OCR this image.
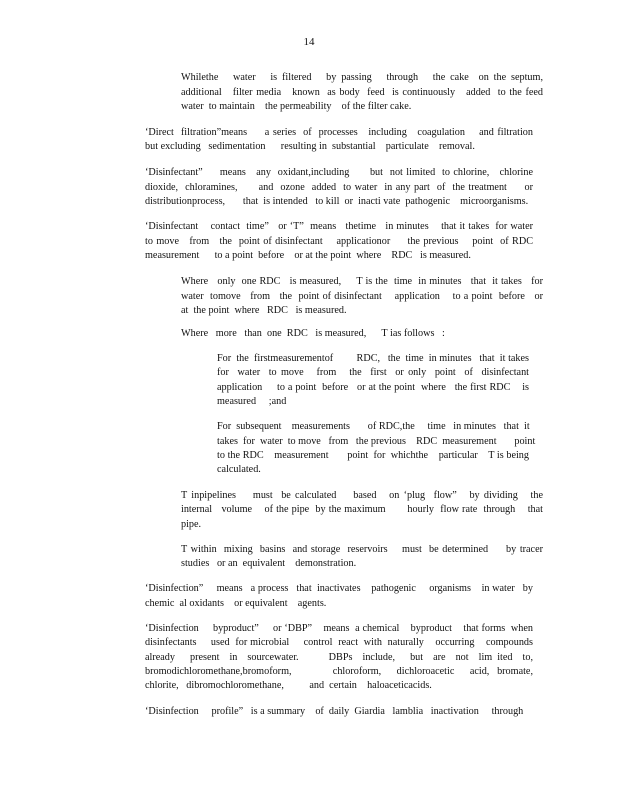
14
Whilethe   water   is filtered   by passing   through   the cake  on the septum,
additional   filter media   known  as body  feed  is continuously   added  to the feed
water  to maintain    the permeability    of the filter cake.
‘Direct  filtration”means     a series  of  processes   including   coagulation    and filtration
but excluding   sedimentation      resulting in  substantial    particulate    removal.
‘Disinfectant”     means   any  oxidant,including      but  not limited  to chlorine,   chlorine
dioxide,  chloramines,      and  ozone  added  to water  in any part  of  the treatment     or
distributionprocess,       that  is intended   to kill  or  inacti vate  pathogenic    microorganisms.
‘Disinfectant    contact  time”   or ‘T”  means   thetime   in minutes    that it takes  for water
to move   from   the  point of disinfectant    applicationor     the previous    point  of RDC
measurement      to a point  before    or at the point  where    RDC   is measured.
Where   only  one RDC   is measured,     T is the  time  in minutes   that  it takes   for
water  tomove   from   the  point of disinfectant    application    to a point  before   or
at  the point  where   RDC   is measured.
Where   more   than  one  RDC   is measured,      T ias follows   :
For  the  firstmeasurementof         RDC,   the  time  in minutes   that  it takes
for  water  to move   from   the  first  or only  point  of  disinfectant
application     to a point  before   or at the point  where   the first RDC    is
measured     ;and
For  subsequent    measurements       of RDC,the     time   in minutes   that  it
takes  for  water  to move   from   the previous    RDC  measurement       point
to the RDC    measurement       point  for  whichthe    particular    T is being
calculated.
T inpipelines    must  be calculated    based   on ‘plug  flow”   by dividing   the
internal   volume    of the pipe  by the maximum       hourly  flow rate  through    that
pipe.
T within  mixing  basins  and storage  reservoirs    must  be determined     by tracer
studies   or an  equivalent    demonstration.
‘Disinfection”     means   a process   that  inactivates    pathogenic     organisms    in water   by
chemic  al oxidants    or equivalent    agents.
‘Disinfection     byproduct”     or ‘DBP”    means  a chemical    byproduct    that forms  when
disinfectants     used  for microbial     control  react  with  naturally    occurring    compounds
already   present  in  sourcewater.      DBPs  include,   but  are  not  lim ited  to,
bromodichloromethane,bromoform,                chloroform,      dichloroacetic      acid,   bromate,
chlorite,   dibromochloromethane,          and  certain    haloaceticacids.
‘Disinfection     profile”   is a summary    of  daily  Giardia   lamblia   inactivation     through
